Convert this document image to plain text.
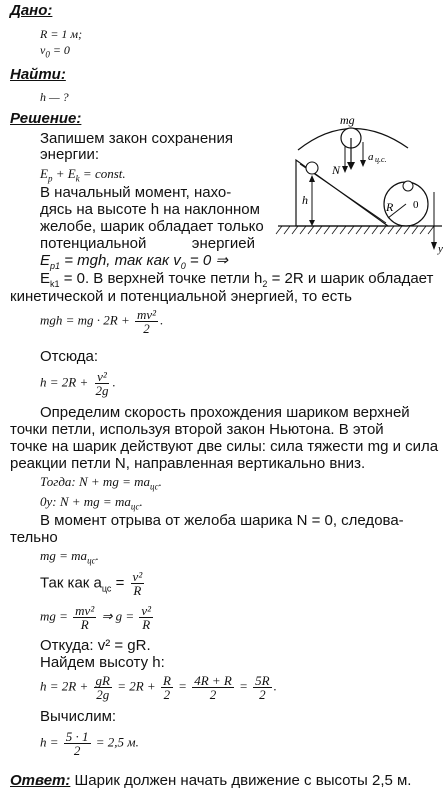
Дано:
R = 1 м;
$v_0 = 0$
Найти:
h — ?
Решение:
Запишем закон сохранения
энергии:
$E_p + E_k$ = const.
В начальный момент, нахо-
дясь на высоте h на наклонном
желобе, шарик обладает только
потенциальной энергией
$E_{p1}$ = mgh, так как $v_0 = 0$ ⇒
$E_{k1} = 0$. В верхней точке петли $h_2 = 2R$ и шарик обладает
кинетической и потенциальной энергией, то есть
mgh = mg · $2R + \frac{\text{mv²}}{2}$ .
Отсюда:
$h = 2R + \frac{\text{v²}}{2g}$ .
Определим скорость прохождения шариком верхней
точки петли, используя второй закон Ньютона. В этой
точке на шарик действуют две силы: сила тяжести mg и сила
реакции петли N, направленная вертикально вниз.
Тогда: N + mg = $ma_{цс}$.
0y: N + mg = $ma_{цс}$.
В момент отрыва от желоба шарика N = 0, следова-
тельно
mg = $ma_{цс}$.
Так как $a_{цс} = \frac{\text{v²}}{R}$
mg = $\frac{\text{mv²}}{R}$ ⇒ $g = \frac{\text{v²}}{R}$
Откуда: v² = gR.
Найдем высоту h:
$h = 2R + \frac{gR}{2g} = 2R + \frac{R}{2} = \frac{4R + R}{2} = \frac{5R}{2}$ .
Вычислим:
$h = \frac{5 \cdot 1}{2} = 2,5$ м.
Ответ: Шарик должен начать движение с высоты 2,5 м.
mg
N
a ц.с.
h	R 0
y
